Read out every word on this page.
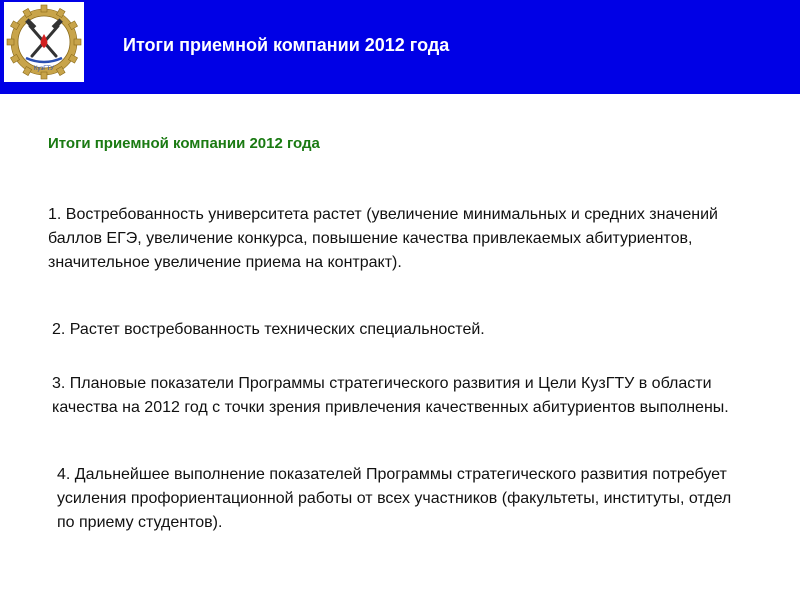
КузГТУ
Итоги приемной компании 2012 года
Итоги приемной компании 2012 года

1. Востребованность университета растет (увеличение минимальных и средних значений баллов ЕГЭ, увеличение конкурса, повышение качества привлекаемых абитуриентов, значительное увеличение приема на контракт).

2. Растет востребованность технических специальностей.

3. Плановые показатели Программы стратегического развития и Цели КузГТУ в области качества на 2012 год с точки зрения привлечения качественных абитуриентов выполнены.

4. Дальнейшее выполнение показателей Программы стратегического развития потребует усиления профориентационной работы от всех участников (факультеты, институты, отдел по приему студентов).
